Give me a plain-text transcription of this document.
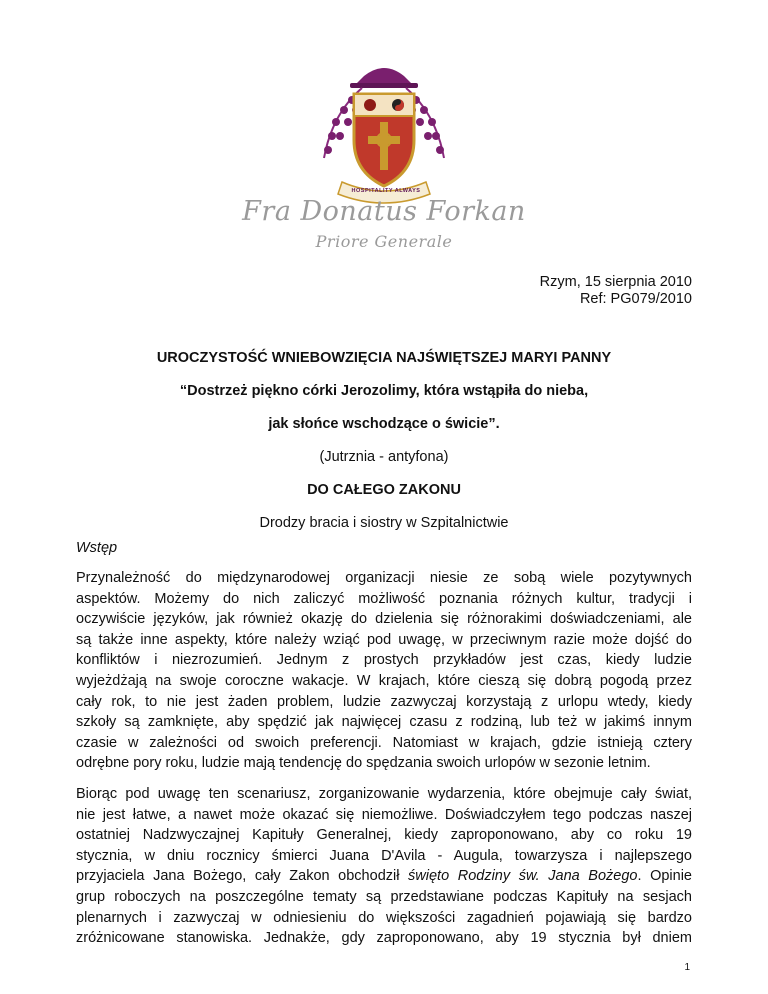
HOSPITALITY ALWAYS
Fra Donatus Forkan
Priore Generale
Rzym, 15 sierpnia 2010
Ref: PG079/2010
UROCZYSTOŚĆ WNIEBOWZIĘCIA NAJŚWIĘTSZEJ MARYI PANNY
“Dostrzeż piękno córki Jerozolimy, która wstąpiła do nieba,
jak słońce wschodzące o świcie”.
(Jutrznia - antyfona)
DO CAŁEGO ZAKONU
Drodzy bracia i siostry w Szpitalnictwie
Wstęp
Przynależność do międzynarodowej organizacji niesie ze sobą wiele pozytywnych
aspektów. Możemy do nich zaliczyć możliwość poznania różnych kultur, tradycji i
oczywiście języków, jak również okazję do dzielenia się różnorakimi doświadczeniami, ale
są także inne aspekty, które należy wziąć pod uwagę, w przeciwnym razie może dojść do
konfliktów i niezrozumień. Jednym z prostych przykładów jest czas, kiedy ludzie
wyjeżdżają na swoje coroczne wakacje. W krajach, które cieszą się dobrą pogodą przez
cały rok, to nie jest żaden problem, ludzie zazwyczaj korzystają z urlopu wtedy, kiedy
szkoły są zamknięte, aby spędzić jak najwięcej czasu z rodziną, lub też w jakimś innym
czasie w zależności od swoich preferencji. Natomiast w krajach, gdzie istnieją cztery
odrębne pory roku, ludzie mają tendencję do spędzania swoich urlopów w sezonie letnim.
Biorąc pod uwagę ten scenariusz, zorganizowanie wydarzenia, które obejmuje cały świat,
nie jest łatwe, a nawet może okazać się niemożliwe. Doświadczyłem tego podczas naszej
ostatniej Nadzwyczajnej Kapituły Generalnej, kiedy zaproponowano, aby co roku 19
stycznia, w dniu rocznicy śmierci Juana D'Avila - Augula, towarzysza i najlepszego
przyjaciela Jana Bożego, cały Zakon obchodził święto Rodziny św. Jana Bożego. Opinie
grup roboczych na poszczególne tematy są przedstawiane podczas Kapituły na sesjach
plenarnych i zazwyczaj w odniesieniu do większości zagadnień pojawiają się bardzo
zróżnicowane stanowiska. Jednakże, gdy zaproponowano, aby 19 stycznia był dniem
1
